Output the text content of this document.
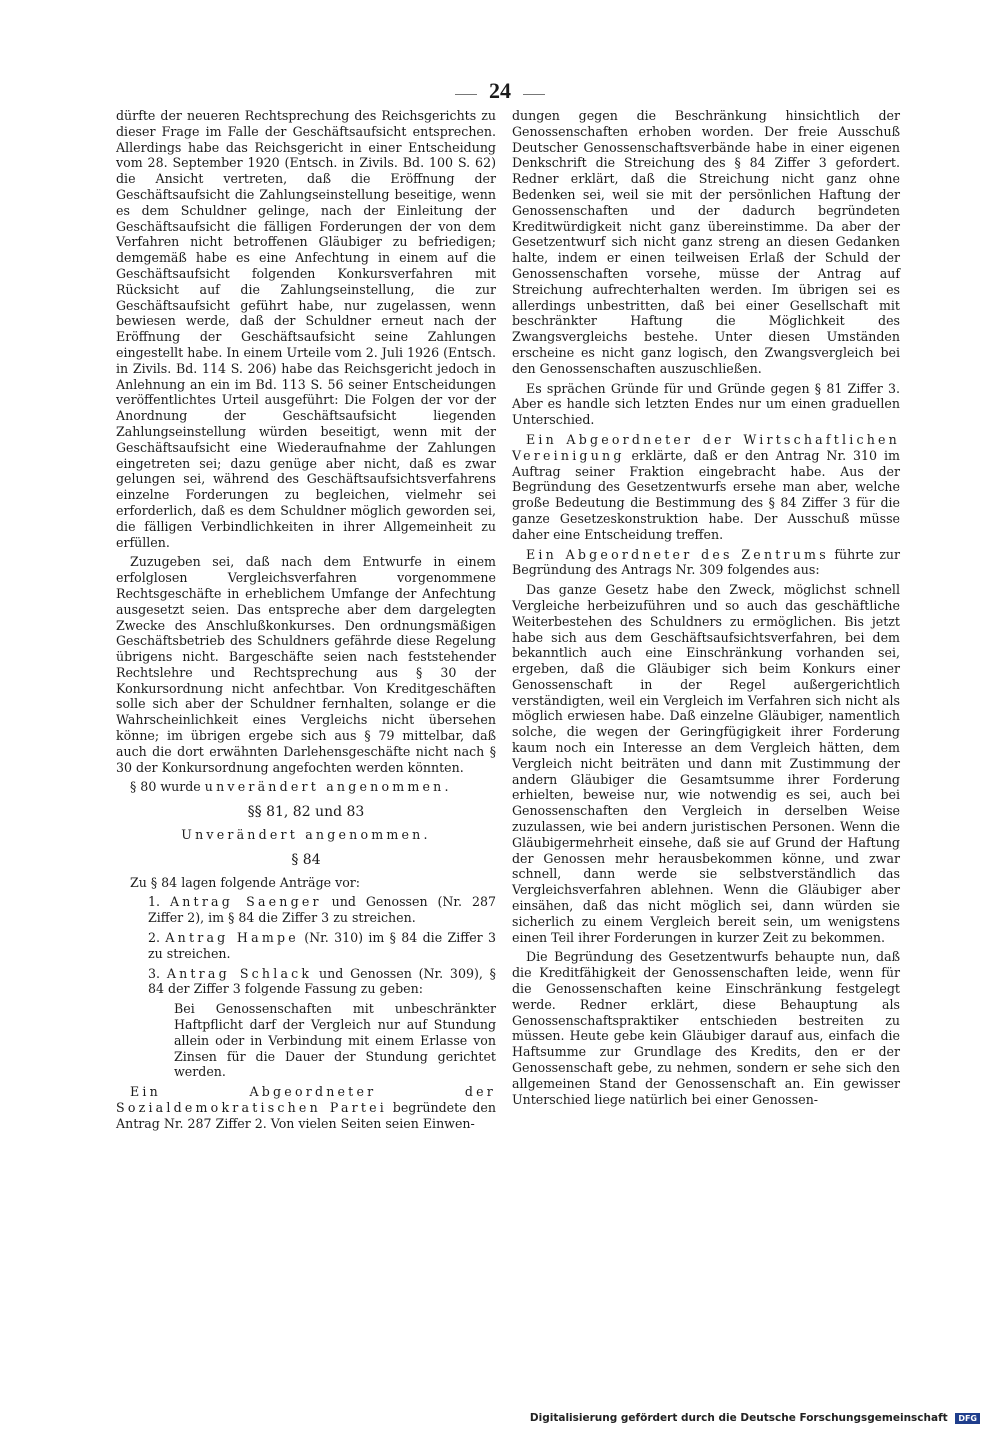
24

dürfte der neueren Rechtsprechung des Reichsgerichts zu dieser Frage im Falle der Geschäftsaufsicht entsprechen. Allerdings habe das Reichsgericht in einer Entscheidung vom 28. September 1920 (Entsch. in Zivils. Bd. 100 S. 62) die Ansicht vertreten, daß die Eröffnung der Geschäftsaufsicht die Zahlungseinstellung beseitige, wenn es dem Schuldner gelinge, nach der Einleitung der Geschäftsaufsicht die fälligen Forderungen der von dem Verfahren nicht betroffenen Gläubiger zu befriedigen; demgemäß habe es eine Anfechtung in einem auf die Geschäftsaufsicht folgenden Konkursverfahren mit Rücksicht auf die Zahlungseinstellung, die zur Geschäftsaufsicht geführt habe, nur zugelassen, wenn bewiesen werde, daß der Schuldner erneut nach der Eröffnung der Geschäftsaufsicht seine Zahlungen eingestellt habe. In einem Urteile vom 2. Juli 1926 (Entsch. in Zivils. Bd. 114 S. 206) habe das Reichsgericht jedoch in Anlehnung an ein im Bd. 113 S. 56 seiner Entscheidungen veröffentlichtes Urteil ausgeführt: Die Folgen der vor der Anordnung der Geschäftsaufsicht liegenden Zahlungseinstellung würden beseitigt, wenn mit der Geschäftsaufsicht eine Wiederaufnahme der Zahlungen eingetreten sei; dazu genüge aber nicht, daß es zwar gelungen sei, während des Geschäftsaufsichtsverfahrens einzelne Forderungen zu begleichen, vielmehr sei erforderlich, daß es dem Schuldner möglich geworden sei, die fälligen Verbindlichkeiten in ihrer Allgemeinheit zu erfüllen.

Zuzugeben sei, daß nach dem Entwurfe in einem erfolglosen Vergleichsverfahren vorgenommene Rechtsgeschäfte in erheblichem Umfange der Anfechtung ausgesetzt seien. Das entspreche aber dem dargelegten Zwecke des Anschlußkonkurses. Den ordnungsmäßigen Geschäftsbetrieb des Schuldners gefährde diese Regelung übrigens nicht. Bargeschäfte seien nach feststehender Rechtslehre und Rechtsprechung aus § 30 der Konkursordnung nicht anfechtbar. Von Kreditgeschäften solle sich aber der Schuldner fernhalten, solange er die Wahrscheinlichkeit eines Vergleichs nicht übersehen könne; im übrigen ergebe sich aus § 79 mittelbar, daß auch die dort erwähnten Darlehensgeschäfte nicht nach § 30 der Konkursordnung angefochten werden könnten.

§ 80 wurde unverändert angenommen.

§§ 81, 82 und 83

Unverändert angenommen.

§ 84

Zu § 84 lagen folgende Anträge vor:

1. Antrag Saenger und Genossen (Nr. 287 Ziffer 2), im § 84 die Ziffer 3 zu streichen.

2. Antrag Hampe (Nr. 310) im § 84 die Ziffer 3 zu streichen.

3. Antrag Schlack und Genossen (Nr. 309), § 84 der Ziffer 3 folgende Fassung zu geben:

Bei Genossenschaften mit unbeschränkter Haftpflicht darf der Vergleich nur auf Stundung allein oder in Verbindung mit einem Erlasse von Zinsen für die Dauer der Stundung gerichtet werden.

Ein Abgeordneter der Sozialdemokratischen Partei begründete den Antrag Nr. 287 Ziffer 2. Von vielen Seiten seien Einwen-

dungen gegen die Beschränkung hinsichtlich der Genossenschaften erhoben worden. Der freie Ausschuß Deutscher Genossenschaftsverbände habe in einer eigenen Denkschrift die Streichung des § 84 Ziffer 3 gefordert. Redner erklärt, daß die Streichung nicht ganz ohne Bedenken sei, weil sie mit der persönlichen Haftung der Genossenschaften und der dadurch begründeten Kreditwürdigkeit nicht ganz übereinstimme. Da aber der Gesetzentwurf sich nicht ganz streng an diesen Gedanken halte, indem er einen teilweisen Erlaß der Schuld der Genossenschaften vorsehe, müsse der Antrag auf Streichung aufrechterhalten werden. Im übrigen sei es allerdings unbestritten, daß bei einer Gesellschaft mit beschränkter Haftung die Möglichkeit des Zwangsvergleichs bestehe. Unter diesen Umständen erscheine es nicht ganz logisch, den Zwangsvergleich bei den Genossenschaften auszuschließen.

Es sprächen Gründe für und Gründe gegen § 81 Ziffer 3. Aber es handle sich letzten Endes nur um einen graduellen Unterschied.

Ein Abgeordneter der Wirtschaftlichen Vereinigung erklärte, daß er den Antrag Nr. 310 im Auftrag seiner Fraktion eingebracht habe. Aus der Begründung des Gesetzentwurfs ersehe man aber, welche große Bedeutung die Bestimmung des § 84 Ziffer 3 für die ganze Gesetzeskonstruktion habe. Der Ausschuß müsse daher eine Entscheidung treffen.

Ein Abgeordneter des Zentrums führte zur Begründung des Antrags Nr. 309 folgendes aus:

Das ganze Gesetz habe den Zweck, möglichst schnell Vergleiche herbeizuführen und so auch das geschäftliche Weiterbestehen des Schuldners zu ermöglichen. Bis jetzt habe sich aus dem Geschäftsaufsichtsverfahren, bei dem bekanntlich auch eine Einschränkung vorhanden sei, ergeben, daß die Gläubiger sich beim Konkurs einer Genossenschaft in der Regel außergerichtlich verständigten, weil ein Vergleich im Verfahren sich nicht als möglich erwiesen habe. Daß einzelne Gläubiger, namentlich solche, die wegen der Geringfügigkeit ihrer Forderung kaum noch ein Interesse an dem Vergleich hätten, dem Vergleich nicht beiträten und dann mit Zustimmung der andern Gläubiger die Gesamtsumme ihrer Forderung erhielten, beweise nur, wie notwendig es sei, auch bei Genossenschaften den Vergleich in derselben Weise zuzulassen, wie bei andern juristischen Personen. Wenn die Gläubigermehrheit einsehe, daß sie auf Grund der Haftung der Genossen mehr herausbekommen könne, und zwar schnell, dann werde sie selbstverständlich das Vergleichsverfahren ablehnen. Wenn die Gläubiger aber einsähen, daß das nicht möglich sei, dann würden sie sicherlich zu einem Vergleich bereit sein, um wenigstens einen Teil ihrer Forderungen in kurzer Zeit zu bekommen.

Die Begründung des Gesetzentwurfs behaupte nun, daß die Kreditfähigkeit der Genossenschaften leide, wenn für die Genossenschaften keine Einschränkung festgelegt werde. Redner erklärt, diese Behauptung als Genossenschaftspraktiker entschieden bestreiten zu müssen. Heute gebe kein Gläubiger darauf aus, einfach die Haftsumme zur Grundlage des Kredits, den er der Genossenschaft gebe, zu nehmen, sondern er sehe sich den allgemeinen Stand der Genossenschaft an. Ein gewisser Unterschied liege natürlich bei einer Genossen-

Digitalisierung gefördert durch die Deutsche Forschungsgemeinschaft DFG
